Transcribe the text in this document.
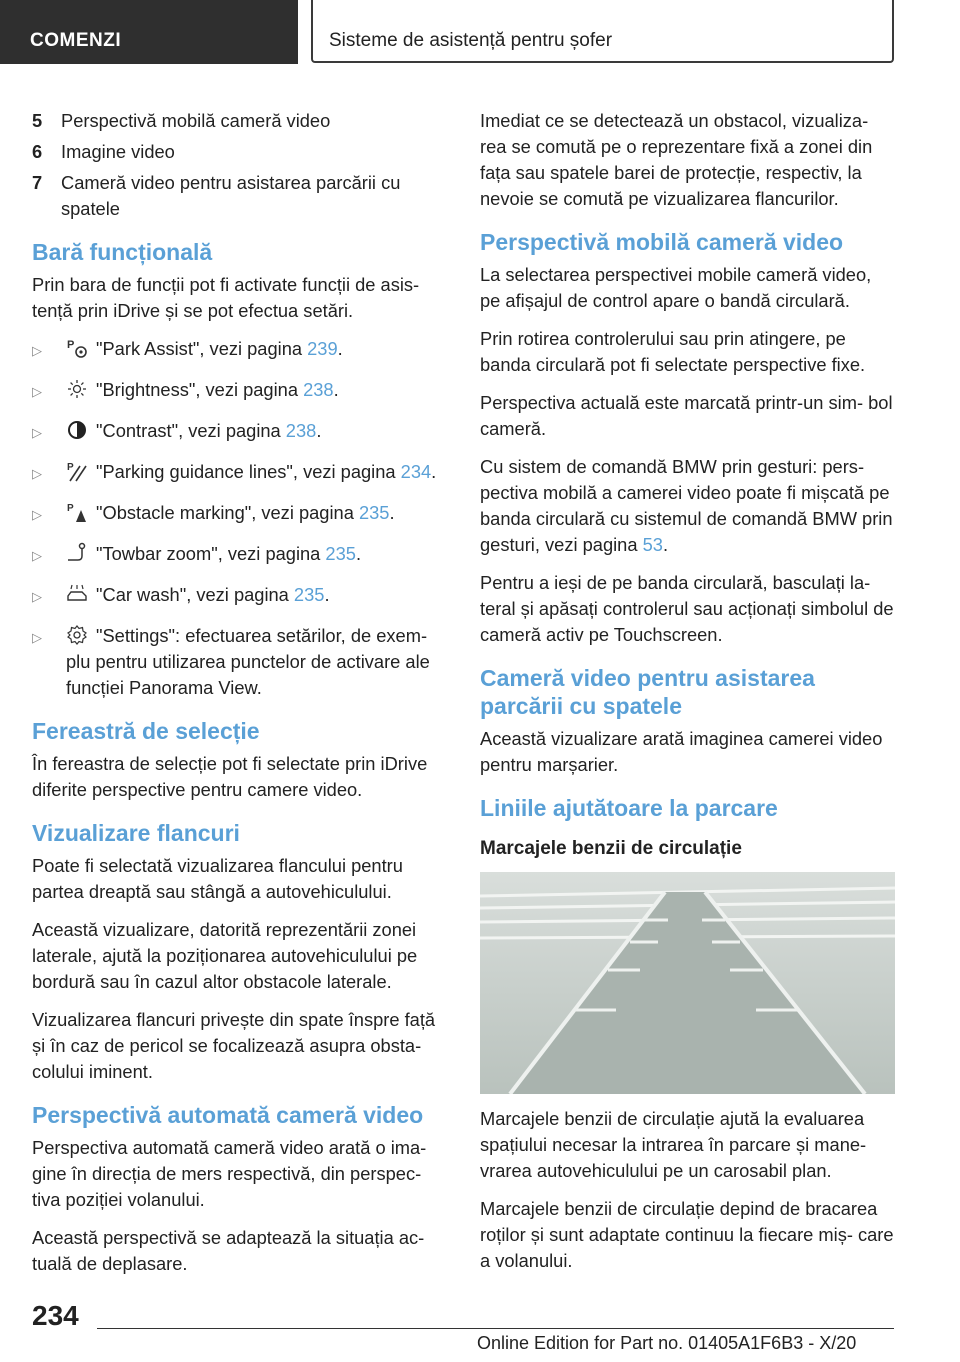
COMENZI	Sisteme de asistență pentru șofer
5	Perspectivă mobilă cameră video
6	Imagine video
7	Cameră video pentru asistarea parcării cu spatele
Bară funcțională

Prin bara de funcții pot fi activate funcții de asis- tență prin iDrive și se pot efectua setări.

▷	P "Park Assist", vezi pagina 239.
▷	"Brightness", vezi pagina 238.
▷	"Contrast", vezi pagina 238.
▷	P "Parking guidance lines", vezi pagina 234.
▷	P "Obstacle marking", vezi pagina 235.
▷	"Towbar zoom", vezi pagina 235.
▷	"Car wash", vezi pagina 235.
▷	"Settings": efectuarea setărilor, de exem- plu pentru utilizarea punctelor de activare ale funcției Panorama View.
Fereastră de selecție

În fereastra de selecție pot fi selectate prin iDrive diferite perspective pentru camere video.

Vizualizare flancuri

Poate fi selectată vizualizarea flancului pentru partea dreaptă sau stângă a autovehiculului.

Această vizualizare, datorită reprezentării zonei laterale, ajută la poziționarea autovehiculului pe bordură sau în cazul altor obstacole laterale.

Vizualizarea flancuri privește din spate înspre față și în caz de pericol se focalizează asupra obsta- colului iminent.

Perspectivă automată cameră video

Perspectiva automată cameră video arată o ima- gine în direcția de mers respectivă, din perspec- tiva poziției volanului.

Această perspectivă se adaptează la situația ac- tuală de deplasare.

Imediat ce se detectează un obstacol, vizualiza- rea se comută pe o reprezentare fixă a zonei din fața sau spatele barei de protecție, respectiv, la nevoie se comută pe vizualizarea flancurilor.

Perspectivă mobilă cameră video

La selectarea perspectivei mobile cameră video, pe afișajul de control apare o bandă circulară.

Prin rotirea controlerului sau prin atingere, pe banda circulară pot fi selectate perspective fixe.

Perspectiva actuală este marcată printr-un sim- bol cameră.

Cu sistem de comandă BMW prin gesturi: pers- pectiva mobilă a camerei video poate fi mișcată pe banda circulară cu sistemul de comandă BMW prin gesturi, vezi pagina 53.

Pentru a ieși de pe banda circulară, basculați la- teral și apăsați controlerul sau acționați simbolul de cameră activ pe Touchscreen.

Cameră video pentru asistarea parcării cu spatele

Această vizualizare arată imaginea camerei video pentru marșarier.

Liniile ajutătoare la parcare
Marcajele benzii de circulație

Marcajele benzii de circulație ajută la evaluarea spațiului necesar la intrarea în parcare și mane- vrarea autovehiculului pe un carosabil plan.

Marcajele benzii de circulație depind de bracarea roților și sunt adaptate continuu la fiecare miș- care a volanului.

234
Online Edition for Part no. 01405A1F6B3 - X/20
